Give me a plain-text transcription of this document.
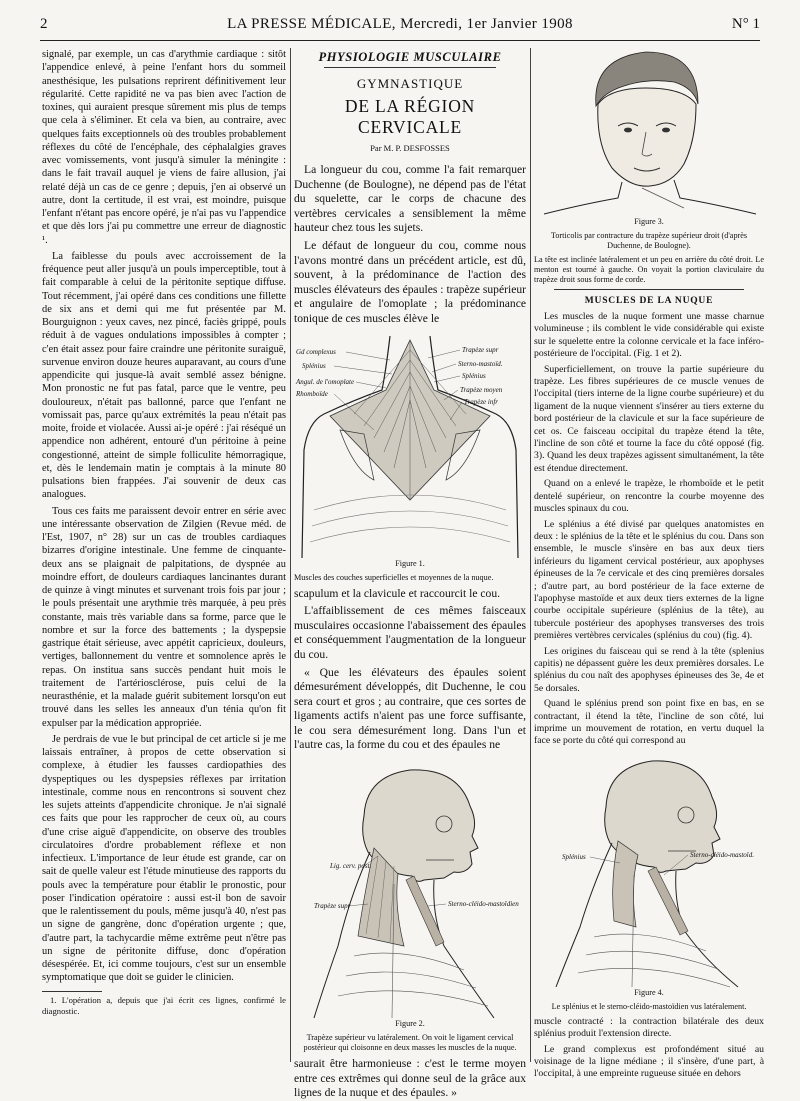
2	LA PRESSE MÉDICALE, Mercredi, 1er Janvier 1908	N° 1

signalé, par exemple, un cas d'arythmie cardiaque : sitôt l'appendice enlevé, à peine l'enfant hors du sommeil anesthésique, les pulsations reprirent définitivement leur régularité. Cette rapidité ne va pas bien avec l'action de toxines, qui auraient presque sûrement mis plus de temps que cela à s'éliminer. Et cela va bien, au contraire, avec quelques faits exceptionnels où des troubles probablement réflexes du côté de l'encéphale, des céphalalgies graves avec vomissements, vont jusqu'à simuler la méningite : dans le fait travail auquel je viens de faire allusion, j'ai relaté déjà un cas de ce genre ; depuis, j'en ai observé un autre, dont la certitude, il est vrai, est moindre, puisque l'enfant n'étant pas encore opéré, je n'ai pas vu l'appendice et que dès lors j'ai pu commettre une erreur de diagnostic ¹.

La faiblesse du pouls avec accroissement de la fréquence peut aller jusqu'à un pouls imperceptible, tout à fait comparable à celui de la péritonite septique diffuse. Tout récemment, j'ai opéré dans ces conditions une fillette de six ans et demi qui me fut présentée par M. Bourguignon : yeux caves, nez pincé, faciès grippé, pouls réduit à de vagues ondulations impossibles à compter ; c'en était assez pour faire craindre une péritonite suraiguë, survenue environ douze heures auparavant, au cours d'une appendicite qui jusque-là avait semblé assez bénigne. Mon pronostic ne fut pas fatal, parce que le ventre, peu douloureux, n'était pas ballonné, parce que l'enfant ne vomissait pas, parce qu'aux extrémités la peau n'était pas moite, froide et violacée. Aussi ai-je opéré : j'ai réséqué un appendice non adhérent, entouré d'un péritoine à peine congestionné, atteint de simple folliculite hémorragique, et, dès le lendemain matin je comptais à la minute 80 pulsations bien frappées. J'ai souvenir de deux cas analogues.

Tous ces faits me paraissent devoir entrer en série avec une intéressante observation de Zilgien (Revue méd. de l'Est, 1907, n° 28) sur un cas de troubles cardiaques bizarres d'origine intestinale. Une femme de cinquante-deux ans se plaignait de palpitations, de dyspnée au moindre effort, de douleurs cardiaques lancinantes durant de quinze à vingt minutes et survenant trois fois par jour ; le pouls présentait une arythmie très marquée, à peu près constante, mais très variable dans sa forme, parce que le nombre et sur la force des battements ; la dyspepsie gastrique était sérieuse, avec appétit capricieux, douleurs, vertiges, ballonnement du ventre et somnolence après le repas. On institua sans succès pendant huit mois le traitement de l'artériosclérose, puis celui de la neurasthénie, et la malade guérit subitement lorsqu'on eut trouvé dans les selles les anneaux d'un ténia qu'on fit expulser par la médication appropriée.

Je perdrais de vue le but principal de cet article si je me laissais entraîner, à propos de cette observation si complexe, à étudier les fausses cardiopathies des dyspeptiques ou les dyspepsies réflexes par irritation intestinale, comme nous en rencontrons si souvent chez les sujets atteints d'appendicite chronique. Je n'ai signalé ces faits que pour les rapprocher de ceux où, au cours d'une crise aiguë d'appendicite, on observe des troubles circulatoires d'ordre probablement réflexe et non infectieux. L'importance de leur étude est grande, car on sait de quelle valeur est l'étude minutieuse des rapports du pouls avec la température pour établir le pronostic, pour poser l'indication opératoire : aussi est-il bon de savoir que le ralentissement du pouls, même jusqu'à 40, n'est pas un signe de gangrène, donc d'opération urgente ; que, d'autre part, la tachycardie même extrême peut n'être pas un signe de péritonite diffuse, donc d'opération désespérée. Et, ici comme toujours, c'est sur un ensemble symptomatique que doit se guider le clinicien.

1. L'opération a, depuis que j'ai écrit ces lignes, confirmé le diagnostic.

PHYSIOLOGIE MUSCULAIRE
GYMNASTIQUE
DE LA RÉGION CERVICALE
Par M. P. DESFOSSES

La longueur du cou, comme l'a fait remarquer Duchenne (de Boulogne), ne dépend pas de l'état du squelette, car le corps de chacune des vertèbres cervicales a sensiblement la même hauteur chez tous les sujets.

Le défaut de longueur du cou, comme nous l'avons montré dans un précédent article, est dû, souvent, à la prédominance de l'action des muscles élévateurs des épaules : trapèze supérieur et angulaire de l'omoplate ; la prédominance tonique de ces muscles élève le

Gd complexus
Splénius
Angul. de l'omoplate
Rhomboïde
Trapèze supr
Sterno-mastoïd.
Splénius
Trapèze moyen
Trapèze infr
Figure 1.
Muscles des couches superficielles et moyennes de la nuque.

scapulum et la clavicule et raccourcit le cou.

L'affaiblissement de ces mêmes faisceaux musculaires occasionne l'abaissement des épaules et conséquemment l'augmentation de la longueur du cou.

« Que les élévateurs des épaules soient démesurément développés, dit Duchenne, le cou sera court et gros ; au contraire, que ces sortes de ligaments actifs n'aient pas une force suffisante, le cou sera démesurément long. Dans l'un et l'autre cas, la forme du cou et des épaules ne

Lig. cerv. post.
Trapèze supr	Sterno-cléido-mastoïdien
Figure 2.
Trapèze supérieur vu latéralement. On voit le ligament cervical postérieur qui cloisonne en deux masses les muscles de la nuque.

saurait être harmonieuse : c'est le terme moyen entre ces extrêmes qui donne seul de la grâce aux lignes de la nuque et des épaules. »

Figure 3.
Torticolis par contracture du trapèze supérieur droit (d'après Duchenne, de Boulogne).
La tête est inclinée latéralement et un peu en arrière du côté droit. Le menton est tourné à gauche. On voyait la portion claviculaire du trapèze droit sous forme de corde.
MUSCLES DE LA NUQUE

Les muscles de la nuque forment une masse charnue volumineuse ; ils comblent le vide considérable qui existe sur le squelette entre la colonne cervicale et la face inféro-postérieure de l'occipital. (Fig. 1 et 2).

Superficiellement, on trouve la partie supérieure du trapèze. Les fibres supérieures de ce muscle venues de l'occipital (tiers interne de la ligne courbe supérieure) et du ligament de la nuque viennent s'insérer au tiers externe du bord postérieur de la clavicule et sur la face supérieure de cet os. Ce faisceau occipital du trapèze étend la tête, l'incline de son côté et tourne la face du côté opposé (fig. 3). Quand les deux trapèzes agissent simultanément, la tête est étendue directement.

Quand on a enlevé le trapèze, le rhomboïde et le petit dentelé supérieur, on rencontre la courbe moyenne des muscles spinaux du cou.

Le splénius a été divisé par quelques anatomistes en deux : le splénius de la tête et le splénius du cou. Dans son ensemble, le muscle s'insère en bas aux deux tiers inférieurs du ligament cervical postérieur, aux apophyses épineuses de la 7e cervicale et des cinq premières dorsales ; d'autre part, au bord postérieur de la face externe de l'apophyse mastoïde et aux deux tiers externes de la ligne courbe occipitale supérieure (splénius de la tête), au tubercule postérieur des apophyses transverses des trois premières vertèbres cervicales (splénius du cou) (fig. 4).

Les origines du faisceau qui se rend à la tête (splenius capitis) ne dépassent guère les deux premières dorsales. Le splénius du cou naît des apophyses épineuses des 3e, 4e et 5e dorsales.

Quand le splénius prend son point fixe en bas, en se contractant, il étend la tête, l'incline de son côté, lui imprime un mouvement de rotation, en vertu duquel la face se porte du côté qui correspond au

Splénius	Sterno-cléido-mastoïd.
Figure 4.
Le splénius et le sterno-cléido-mastoïdien vus latéralement.

muscle contracté : la contraction bilatérale des deux splénius produit l'extension directe.

Le grand complexus est profondément situé au voisinage de la ligne médiane ; il s'insère, d'une part, à l'occipital, à une empreinte rugueuse située en dehors
